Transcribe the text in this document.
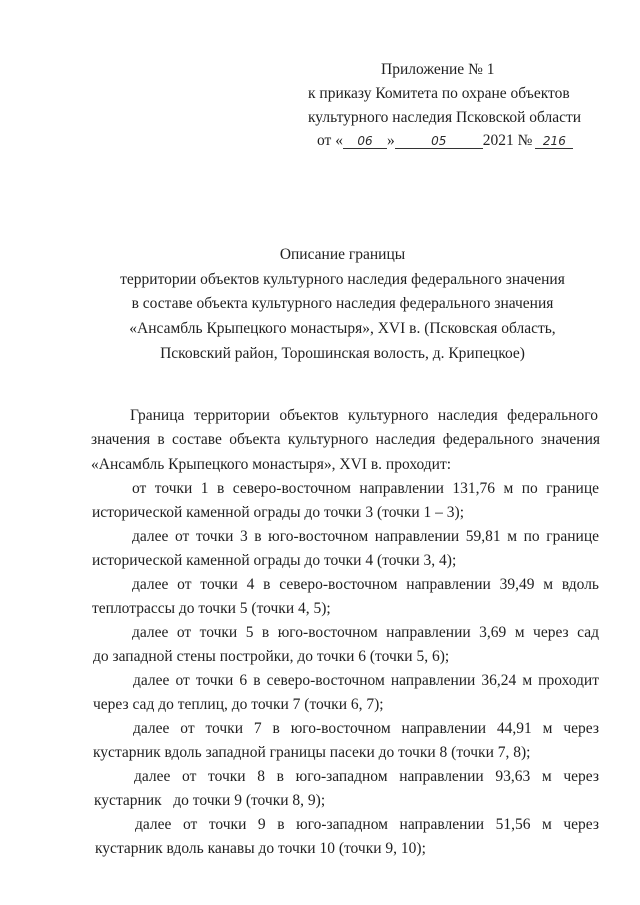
Приложение № 1
к приказу Комитета по охране объектов
культурного наследия Псковской области
от « 06 »	05 2021 № 216
Описание границы
территории объектов культурного наследия федерального значения
в составе объекта культурного наследия федерального значения
«Ансамбль Крыпецкого монастыря», XVI в. (Псковская область,
Псковский район, Торошинская волость, д. Крипецкое)
Граница территории объектов культурного наследия федерального
значения в составе объекта культурного наследия федерального значения
«Ансамбль Крыпецкого монастыря», XVI в. проходит:
от точки 1 в северо-восточном направлении 131,76 м по границе
исторической каменной ограды до точки 3 (точки 1 – 3);
далее от точки 3 в юго-восточном направлении 59,81 м по границе
исторической каменной ограды до точки 4 (точки 3, 4);
далее от точки 4 в северо-восточном направлении 39,49 м вдоль
теплотрассы до точки 5 (точки 4, 5);
далее от точки 5 в юго-восточном направлении 3,69 м через сад
до западной стены постройки, до точки 6 (точки 5, 6);
далее от точки 6 в северо-восточном направлении 36,24 м проходит
через сад до теплиц, до точки 7 (точки 6, 7);
далее от точки 7 в юго-восточном направлении 44,91 м через
кустарник вдоль западной границы пасеки до точки 8 (точки 7, 8);
далее от точки 8 в юго-западном направлении 93,63 м через
кустарник   до точки 9 (точки 8, 9);
далее от точки 9 в юго-западном направлении 51,56 м через
кустарник вдоль канавы до точки 10 (точки 9, 10);
